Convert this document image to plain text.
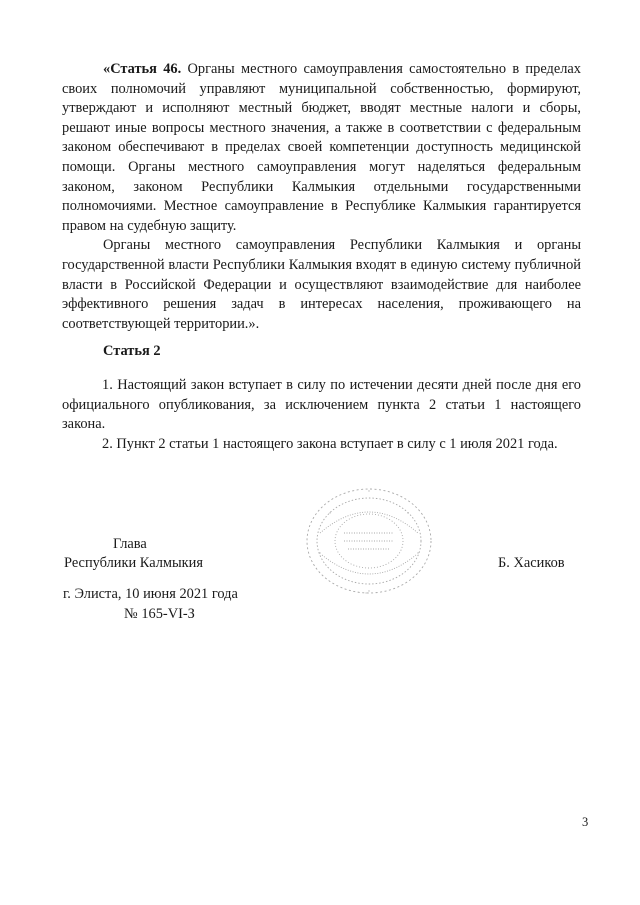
«Статья 46. Органы местного самоуправления самостоятельно в пределах своих полномочий управляют муниципальной собственностью, формируют, утверждают и исполняют местный бюджет, вводят местные налоги и сборы, решают иные вопросы местного значения, а также в соответствии с федеральным законом обеспечивают в пределах своей компетенции доступность медицинской помощи. Органы местного самоуправления могут наделяться федеральным законом, законом Республики Калмыкия отдельными государственными полномочиями. Местное самоуправление в Республике Калмыкия гарантируется правом на судебную защиту.

Органы местного самоуправления Республики Калмыкия и органы государственной власти Республики Калмыкия входят в единую систему публичной власти в Российской Федерации и осуществляют взаимодействие для наиболее эффективного решения задач в интересах населения, проживающего на соответствующей территории.».

Статья 2

1. Настоящий закон вступает в силу по истечении десяти дней после дня его официального опубликования, за исключением пункта 2 статьи 1 настоящего закона.

2. Пункт 2 статьи 1 настоящего закона вступает в силу с 1 июля 2021 года.

Глава
Республики Калмыкия	Б. Хасиков
г. Элиста, 10 июня 2021 года
№ 165-VI-З
3
